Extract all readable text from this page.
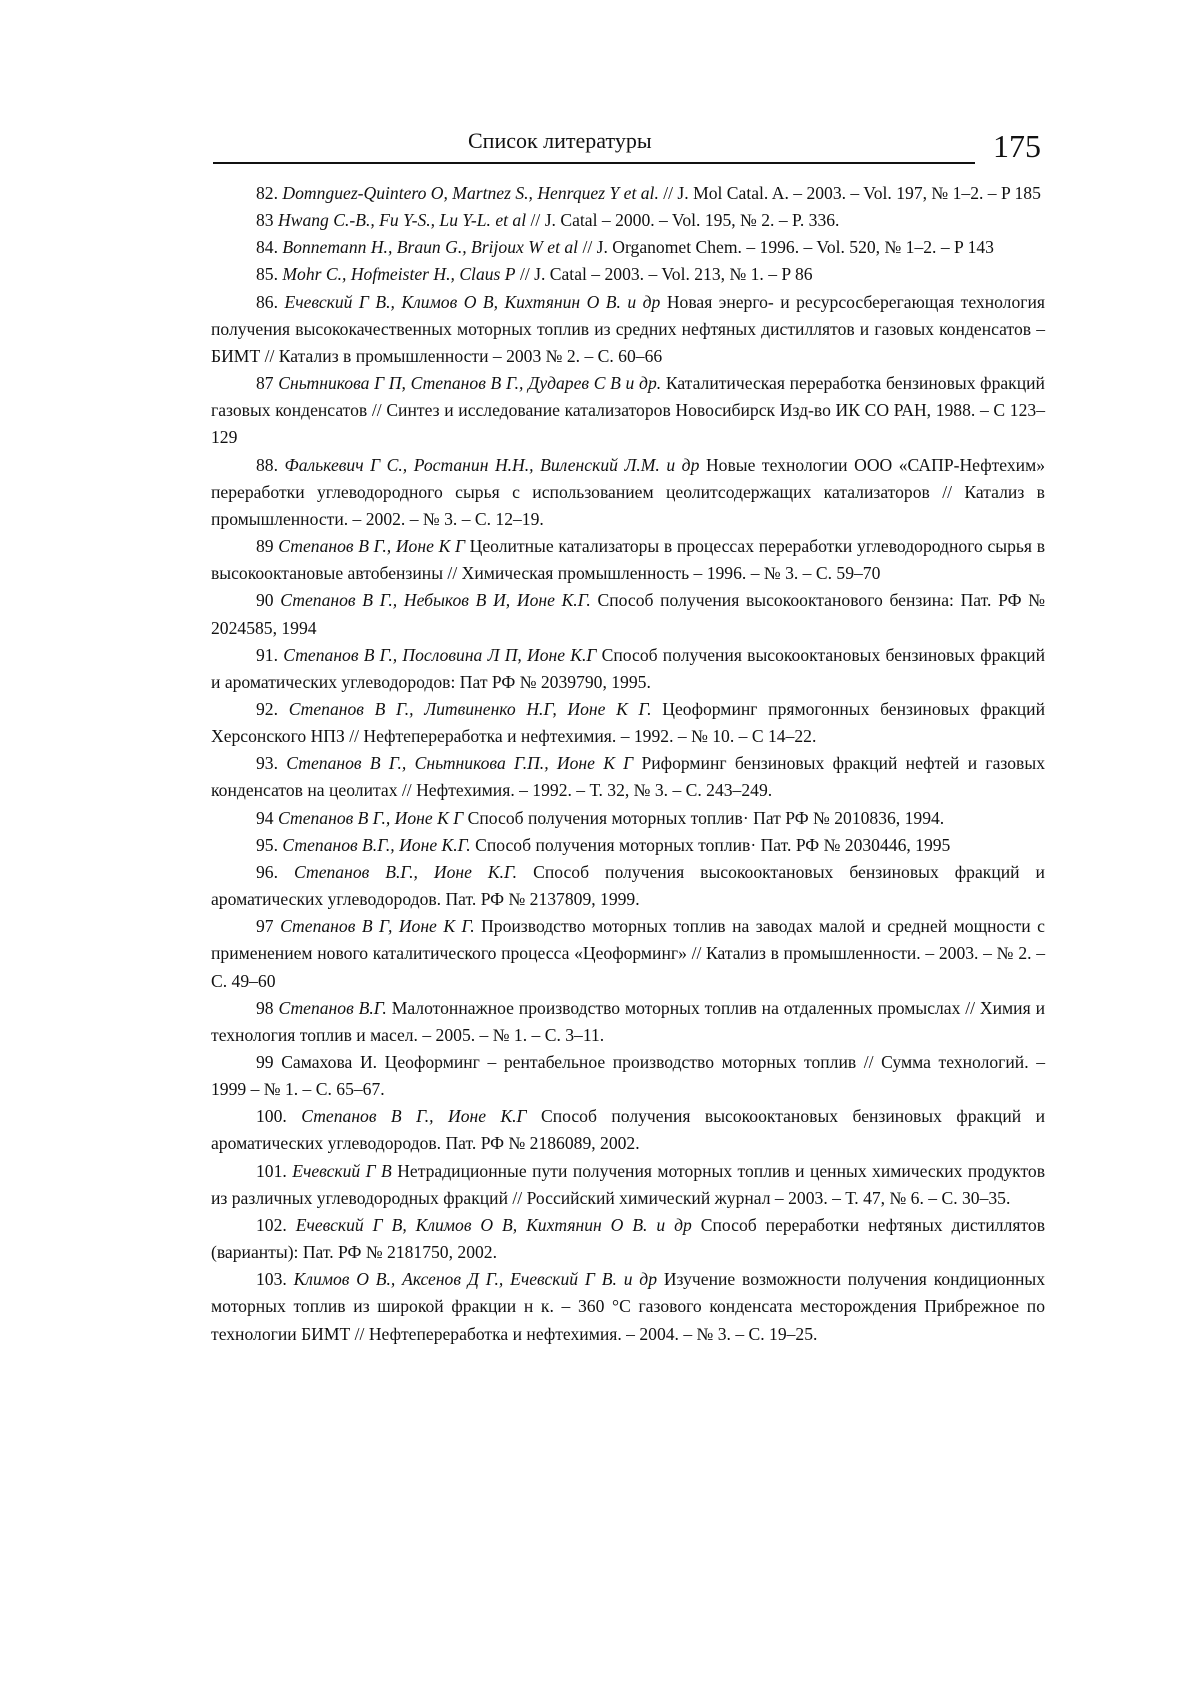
Список литературы	175

82. Domnguez-Quintero O, Martnez S., Henrquez Y et al. // J. Mol Catal. A. – 2003. – Vol. 197, № 1–2. – P 185

83 Hwang C.-B., Fu Y-S., Lu Y-L. et al // J. Catal – 2000. – Vol. 195, № 2. – P. 336.

84. Bonnemann H., Braun G., Brijoux W et al // J. Organomet Chem. – 1996. – Vol. 520, № 1–2. – P 143

85. Mohr C., Hofmeister H., Claus P // J. Catal – 2003. – Vol. 213, № 1. – P 86

86. Ечевский Г В., Климов О В, Кихтянин О В. и др Новая энерго- и ресурсосберегающая технология получения высококачественных моторных топлив из средних нефтяных дистиллятов и газовых конденсатов – БИМТ // Катализ в промышленности – 2003 № 2. – С. 60–66

87 Сньтникова Г П, Степанов В Г., Дударев С В и др. Каталитическая переработка бензиновых фракций газовых конденсатов // Синтез и исследование катализаторов Новосибирск Изд-во ИК СО РАН, 1988. – С 123–129

88. Фалькевич Г С., Ростанин Н.Н., Виленский Л.М. и др Новые технологии ООО «САПР-Нефтехим» переработки углеводородного сырья с использованием цеолитсодержащих катализаторов // Катализ в промышленности. – 2002. – № 3. – С. 12–19.

89 Степанов В Г., Ионе К Г Цеолитные катализаторы в процессах переработки углеводородного сырья в высокооктановые автобензины // Химическая промышленность – 1996. – № 3. – С. 59–70

90 Степанов В Г., Небыков В И, Ионе К.Г. Способ получения высокооктанового бензина: Пат. РФ № 2024585, 1994

91. Степанов В Г., Пословина Л П, Ионе К.Г Способ получения высокооктановых бензиновых фракций и ароматических углеводородов: Пат РФ № 2039790, 1995.

92. Степанов В Г., Литвиненко Н.Г, Ионе К Г. Цеоформинг прямогонных бензиновых фракций Херсонского НПЗ // Нефтепереработка и нефтехимия. – 1992. – № 10. – С 14–22.

93. Степанов В Г., Сньтникова Г.П., Ионе К Г Риформинг бензиновых фракций нефтей и газовых конденсатов на цеолитах // Нефтехимия. – 1992. – Т. 32, № 3. – С. 243–249.

94 Степанов В Г., Ионе К Г Способ получения моторных топлив· Пат РФ № 2010836, 1994.

95. Степанов В.Г., Ионе К.Г. Способ получения моторных топлив· Пат. РФ № 2030446, 1995

96. Степанов В.Г., Ионе К.Г. Способ получения высокооктановых бензиновых фракций и ароматических углеводородов. Пат. РФ № 2137809, 1999.

97 Степанов В Г, Ионе К Г. Производство моторных топлив на заводах малой и средней мощности с применением нового каталитического процесса «Цеоформинг» // Катализ в промышленности. – 2003. – № 2. – С. 49–60

98 Степанов В.Г. Малотоннажное производство моторных топлив на отдаленных промыслах // Химия и технология топлив и масел. – 2005. – № 1. – С. 3–11.

99 Самахова И. Цеоформинг – рентабельное производство моторных топлив // Сумма технологий. – 1999 – № 1. – С. 65–67.

100. Степанов В Г., Ионе К.Г Способ получения высокооктановых бензиновых фракций и ароматических углеводородов. Пат. РФ № 2186089, 2002.

101. Ечевский Г В Нетрадиционные пути получения моторных топлив и ценных химических продуктов из различных углеводородных фракций // Российский химический журнал – 2003. – Т. 47, № 6. – С. 30–35.

102. Ечевский Г В, Климов О В, Кихтянин О В. и др Способ переработки нефтяных дистиллятов (варианты): Пат. РФ № 2181750, 2002.

103. Климов О В., Аксенов Д Г., Ечевский Г В. и др Изучение возможности получения кондиционных моторных топлив из широкой фракции н к. – 360 °С газового конденсата месторождения Прибрежное по технологии БИМТ // Нефтепереработка и нефтехимия. – 2004. – № 3. – С. 19–25.
